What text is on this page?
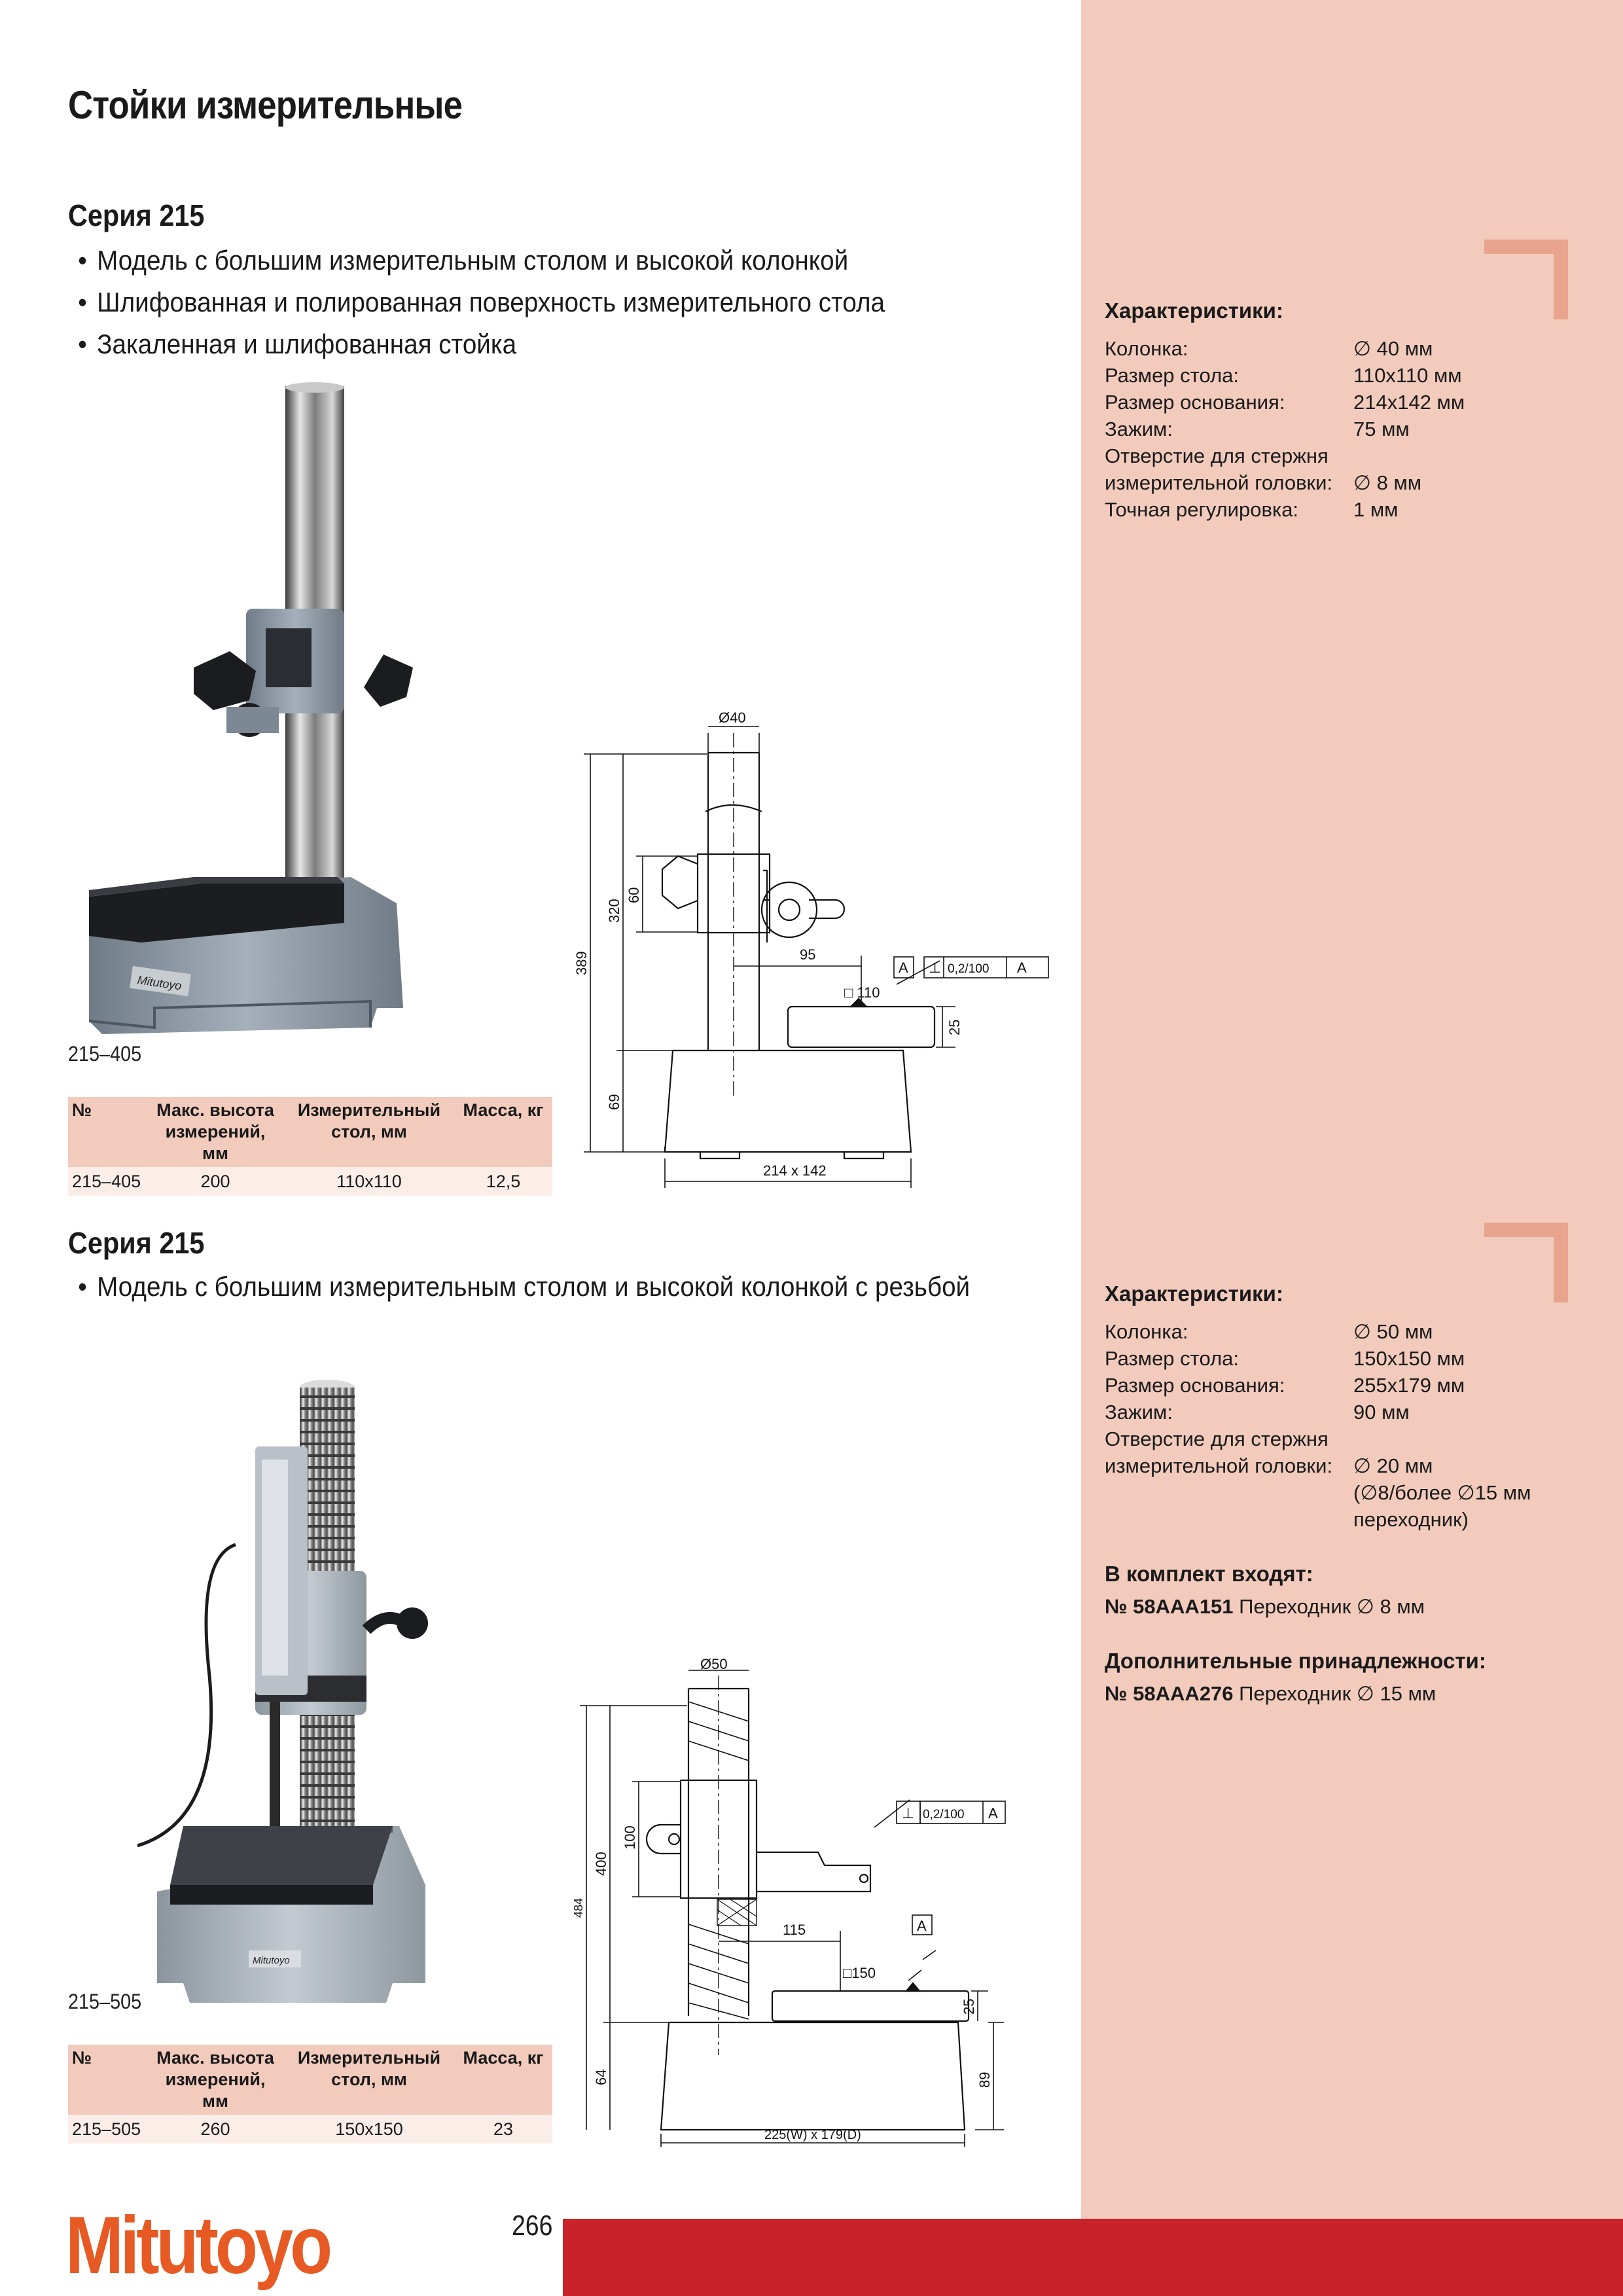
Стойки измерительные
Серия 215
• Модель с большим измерительным столом и высокой колонкой
• Шлифованная и полированная поверхность измерительного стола
• Закаленная и шлифованная стойка
Mitutoyo
215–405
№	Макс. высота измерений, мм	Измерительный стол, мм	Масса, кг
215–405	200	110x110	12,5
Ø40
60
320
389
69
95
□ 110
25
214 x 142
A ⊥ 0,2/100 A
Характеристики:
Колонка:	∅ 40 мм
Размер стола:	110x110 мм
Размер основания:	214x142 мм
Зажим:	75 мм
Отверстие для стержня
измерительной головки:	∅ 8 мм
Точная регулировка:	1 мм
Серия 215
• Модель с большим измерительным столом и высокой колонкой с резьбой
Mitutoyo
215–505
№	Макс. высота измерений, мм	Измерительный стол, мм	Масса, кг
215–505	260	150x150	23
Ø50
100
400
484
64
115
□150
25
89
225(W) x 179(D)
⊥ 0,2/100 A
A
Характеристики:
Колонка:	∅ 50 мм
Размер стола:	150x150 мм
Размер основания:	255x179 мм
Зажим:	90 мм
Отверстие для стержня
измерительной головки:	∅ 20 мм
(∅8/более ∅15 мм
переходник)
В комплект входят:
№ 58AAA151 Переходник ∅ 8 мм
Дополнительные принадлежности:
№ 58AAA276 Переходник ∅ 15 мм
Mitutoyo	266
